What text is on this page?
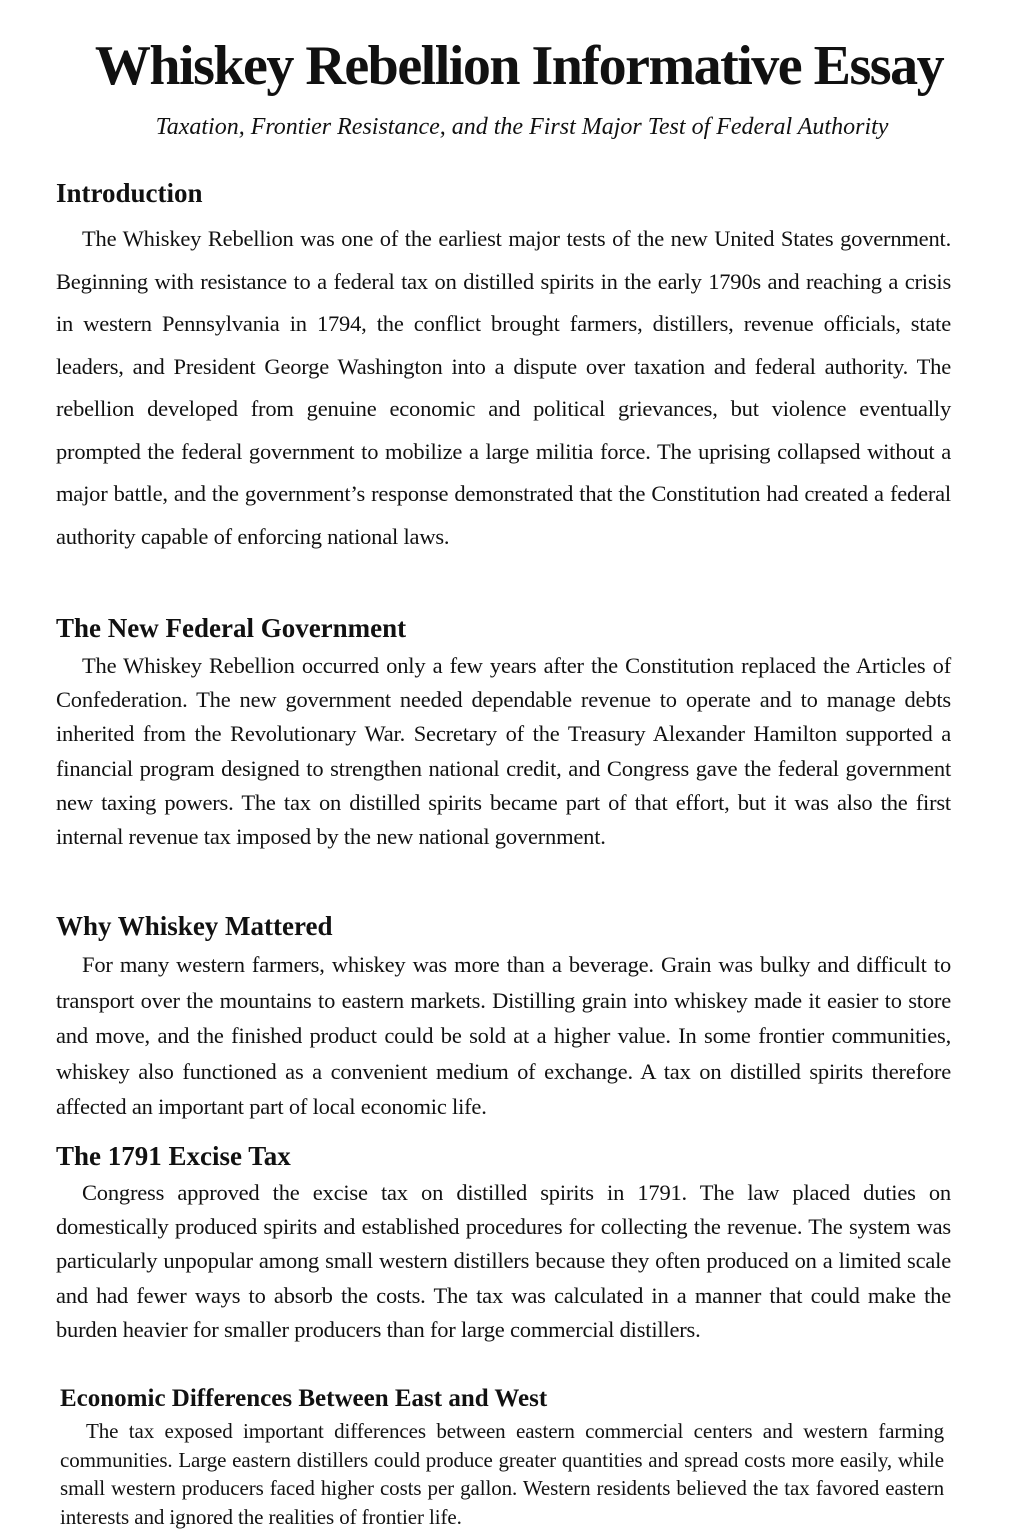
Whiskey Rebellion Informative Essay

Taxation, Frontier Resistance, and the First Major Test of Federal Authority

Introduction

The Whiskey Rebellion was one of the earliest major tests of the new United States government. Beginning with resistance to a federal tax on distilled spirits in the early 1790s and reaching a crisis in western Pennsylvania in 1794, the conflict brought farmers, distillers, revenue officials, state leaders, and President George Washington into a dispute over taxation and federal authority. The rebellion developed from genuine economic and political grievances, but violence eventually prompted the federal government to mobilize a large militia force. The uprising collapsed without a major battle, and the government’s response demonstrated that the Constitution had created a federal authority capable of enforcing national laws.

The New Federal Government

The Whiskey Rebellion occurred only a few years after the Constitution replaced the Articles of Confederation. The new government needed dependable revenue to operate and to manage debts inherited from the Revolutionary War. Secretary of the Treasury Alexander Hamilton supported a financial program designed to strengthen national credit, and Congress gave the federal government new taxing powers. The tax on distilled spirits became part of that effort, but it was also the first internal revenue tax imposed by the new national government.

Why Whiskey Mattered

For many western farmers, whiskey was more than a beverage. Grain was bulky and difficult to transport over the mountains to eastern markets. Distilling grain into whiskey made it easier to store and move, and the finished product could be sold at a higher value. In some frontier communities, whiskey also functioned as a convenient medium of exchange. A tax on distilled spirits therefore affected an important part of local economic life.

The 1791 Excise Tax

Congress approved the excise tax on distilled spirits in 1791. The law placed duties on domestically produced spirits and established procedures for collecting the revenue. The system was particularly unpopular among small western distillers because they often produced on a limited scale and had fewer ways to absorb the costs. The tax was calculated in a manner that could make the burden heavier for smaller producers than for large commercial distillers.

Economic Differences Between East and West

The tax exposed important differences between eastern commercial centers and western farming communities. Large eastern distillers could produce greater quantities and spread costs more easily, while small western producers faced higher costs per gallon. Western residents believed the tax favored eastern interests and ignored the realities of frontier life.
